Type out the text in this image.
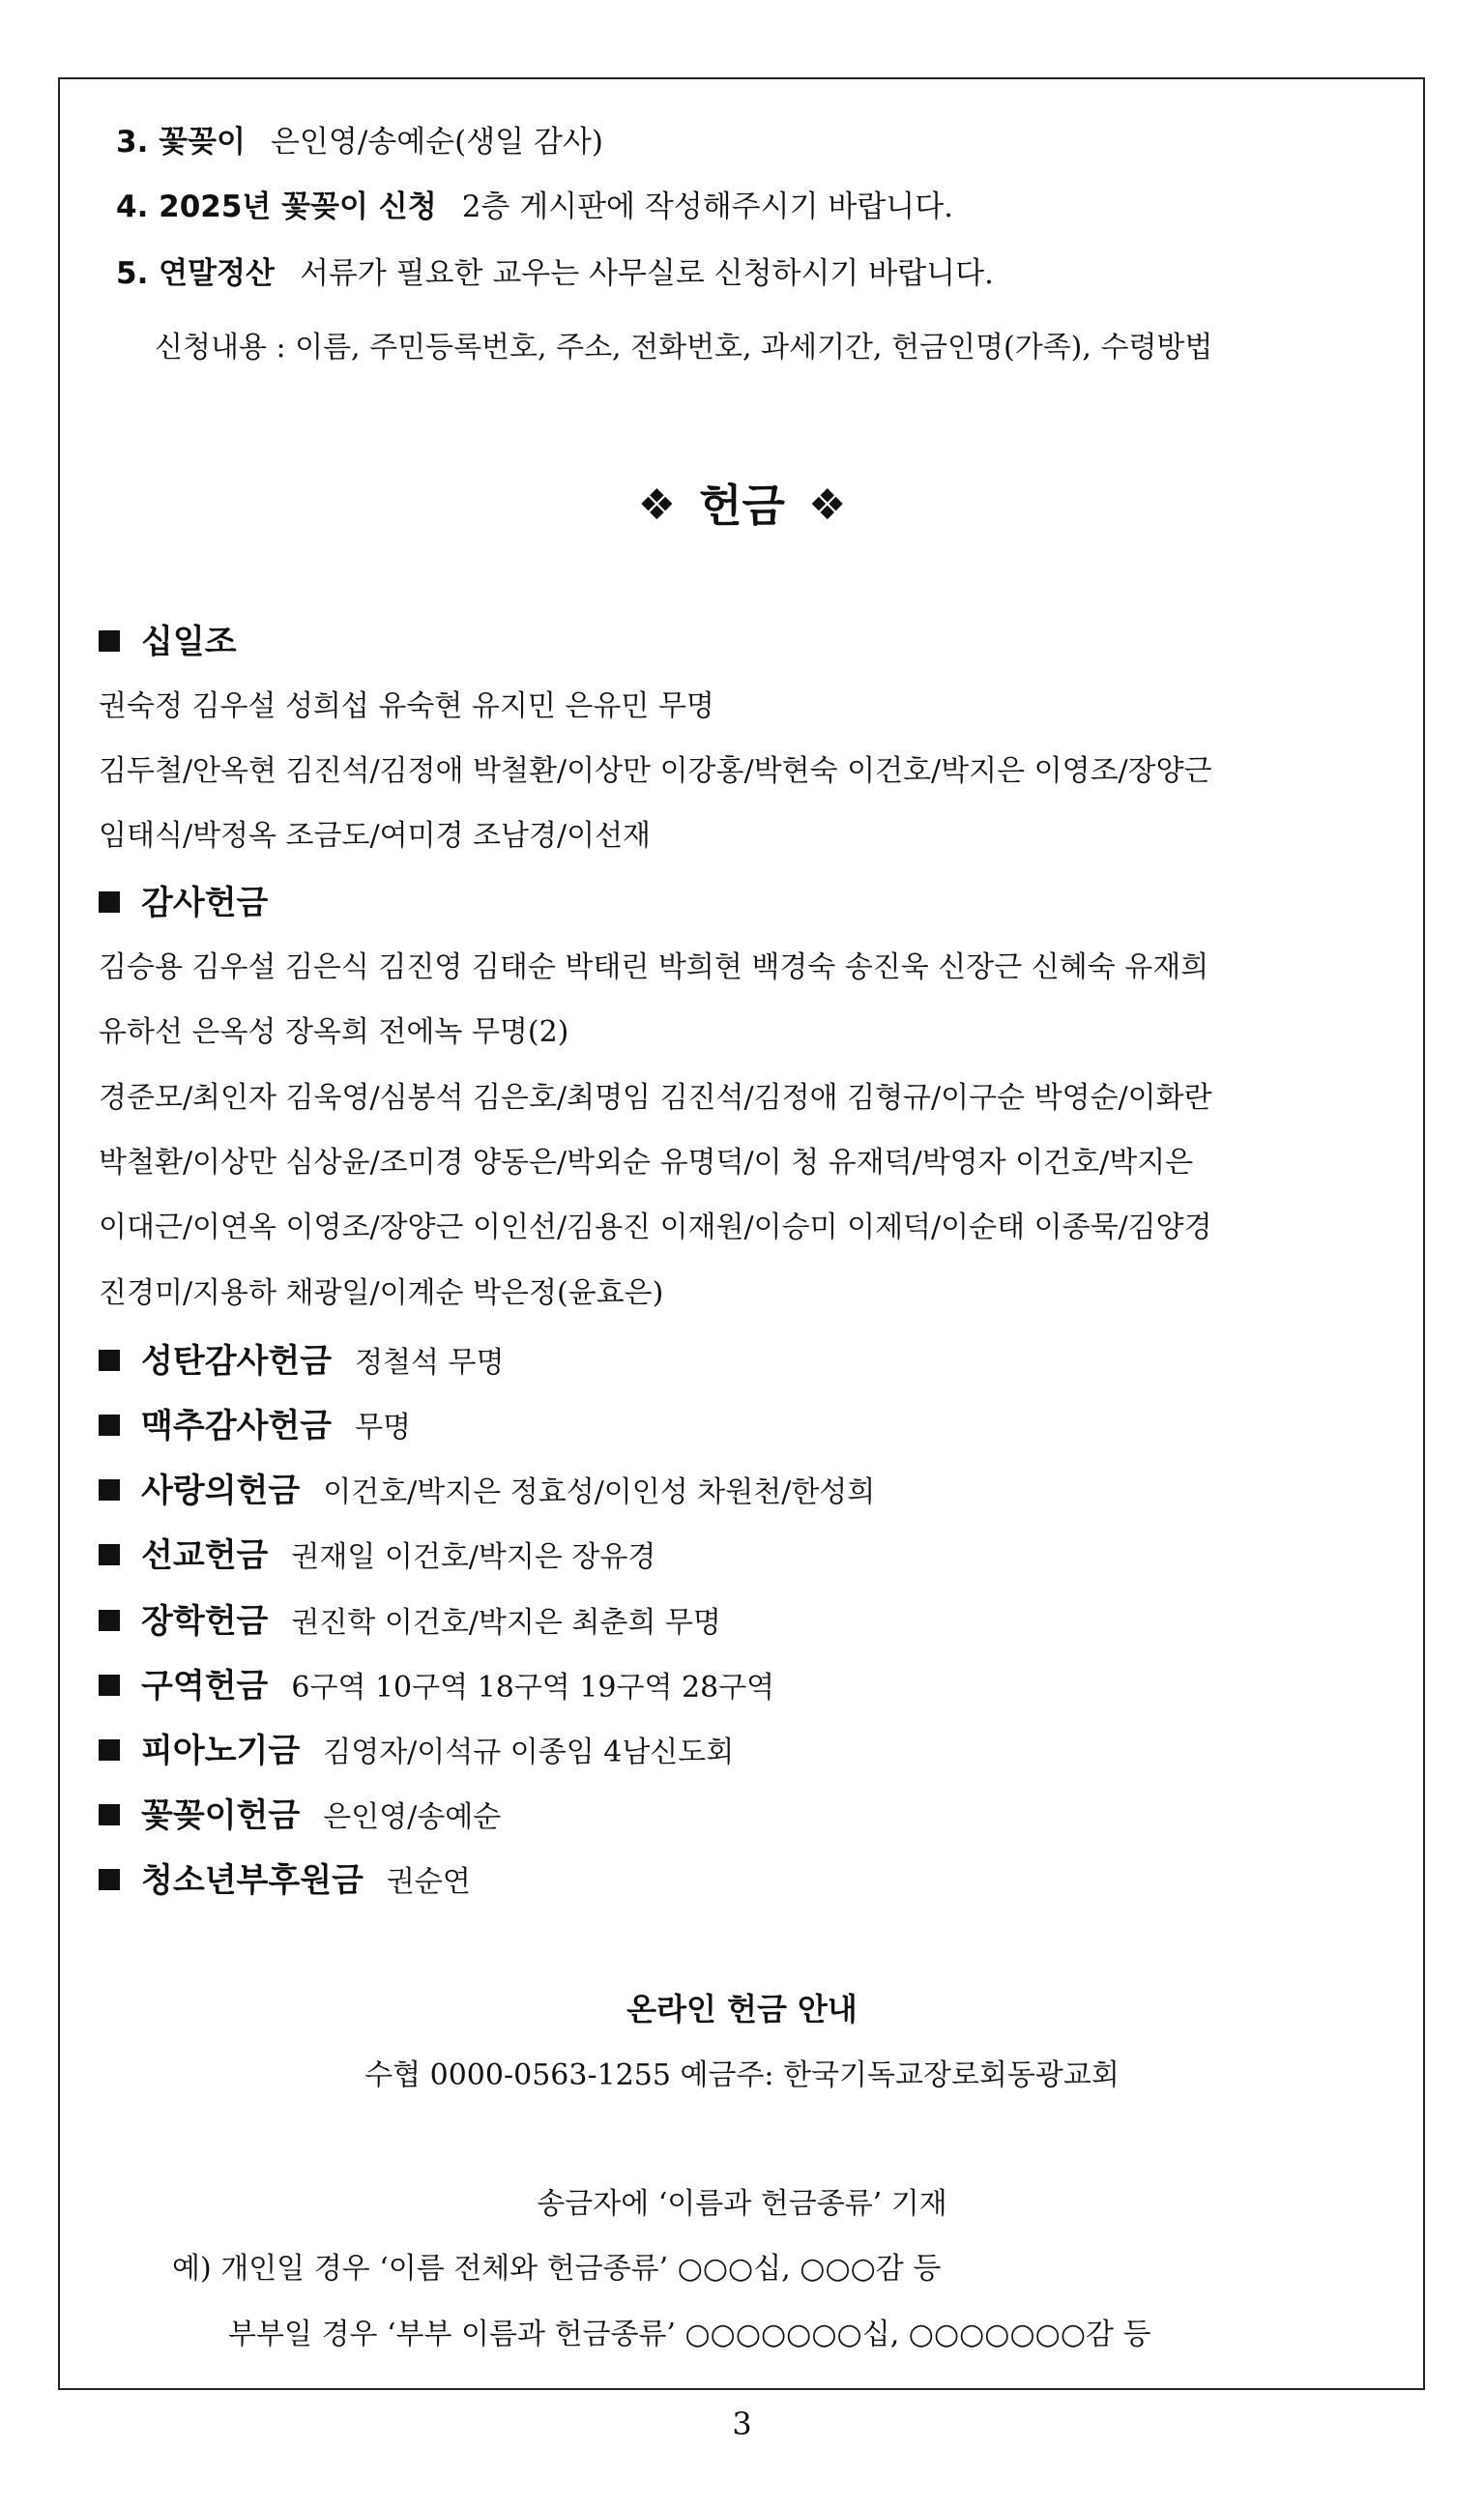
3. 꽃꽂이 은인영/송예순(생일 감사)
4. 2025년 꽃꽂이 신청 2층 게시판에 작성해주시기 바랍니다.
5. 연말정산 서류가 필요한 교우는 사무실로 신청하시기 바랍니다.
신청내용 : 이름, 주민등록번호, 주소, 전화번호, 과세기간, 헌금인명(가족), 수령방법
❖ 헌금 ❖
십일조
권숙정 김우설 성희섭 유숙현 유지민 은유민 무명
김두철/안옥현 김진석/김정애 박철환/이상만 이강홍/박현숙 이건호/박지은 이영조/장양근
임태식/박정옥 조금도/여미경 조남경/이선재
감사헌금
김승용 김우설 김은식 김진영 김태순 박태린 박희현 백경숙 송진욱 신장근 신혜숙 유재희
유하선 은옥성 장옥희 전에녹 무명(2)
경준모/최인자 김욱영/심봉석 김은호/최명임 김진석/김정애 김형규/이구순 박영순/이화란
박철환/이상만 심상윤/조미경 양동은/박외순 유명덕/이 청 유재덕/박영자 이건호/박지은
이대근/이연옥 이영조/장양근 이인선/김용진 이재원/이승미 이제덕/이순태 이종묵/김양경
진경미/지용하 채광일/이계순 박은정(윤효은)
성탄감사헌금 정철석 무명
맥추감사헌금 무명
사랑의헌금 이건호/박지은 정효성/이인성 차원천/한성희
선교헌금 권재일 이건호/박지은 장유경
장학헌금 권진학 이건호/박지은 최춘희 무명
구역헌금 6구역 10구역 18구역 19구역 28구역
피아노기금 김영자/이석규 이종임 4남신도회
꽃꽂이헌금 은인영/송예순
청소년부후원금 권순연
온라인 헌금 안내
수협 0000-0563-1255 예금주: 한국기독교장로회동광교회
송금자에 ‘이름과 헌금종류’ 기재
예) 개인일 경우 ‘이름 전체와 헌금종류’ ○○○십, ○○○감 등
부부일 경우 ‘부부 이름과 헌금종류’ ○○○○○○○십, ○○○○○○○감 등
3
